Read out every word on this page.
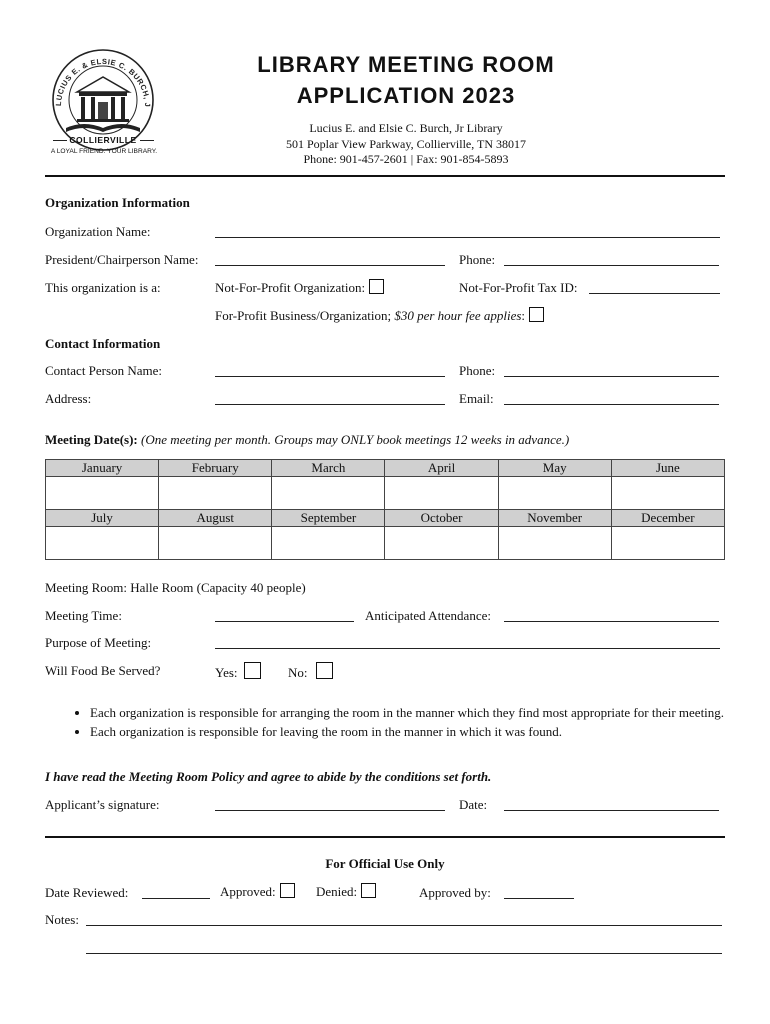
LUCIUS E. & ELSIE C. BURCH, J
COLLIERVILLE
A LOYAL FRIEND. YOUR LIBRARY.
LIBRARY MEETING ROOM
APPLICATION 2023
Lucius E. and Elsie C. Burch, Jr Library
501 Poplar View Parkway, Collierville, TN 38017
Phone: 901-457-2601 | Fax: 901-854-5893
Organization Information
Organization Name:
President/Chairperson Name:	Phone:
This organization is a:	Not-For-Profit Organization:	Not-For-Profit Tax ID:
For-Profit Business/Organization; $30 per hour fee applies:
Contact Information
Contact Person Name:	Phone:
Address:	Email:
Meeting Date(s): (One meeting per month. Groups may ONLY book meetings 12 weeks in advance.)
January	February	March	April	May	June

July	August	September	October	November	December

Meeting Room: Halle Room (Capacity 40 people)
Meeting Time:	Anticipated Attendance:
Purpose of Meeting:
Will Food Be Served?	Yes:	No:
• Each organization is responsible for arranging the room in the manner which they find most appropriate for their meeting.
• Each organization is responsible for leaving the room in the manner in which it was found.
I have read the Meeting Room Policy and agree to abide by the conditions set forth.
Applicant’s signature:	Date:
For Official Use Only
Date Reviewed:	Approved:	Denied:	Approved by:
Notes:
